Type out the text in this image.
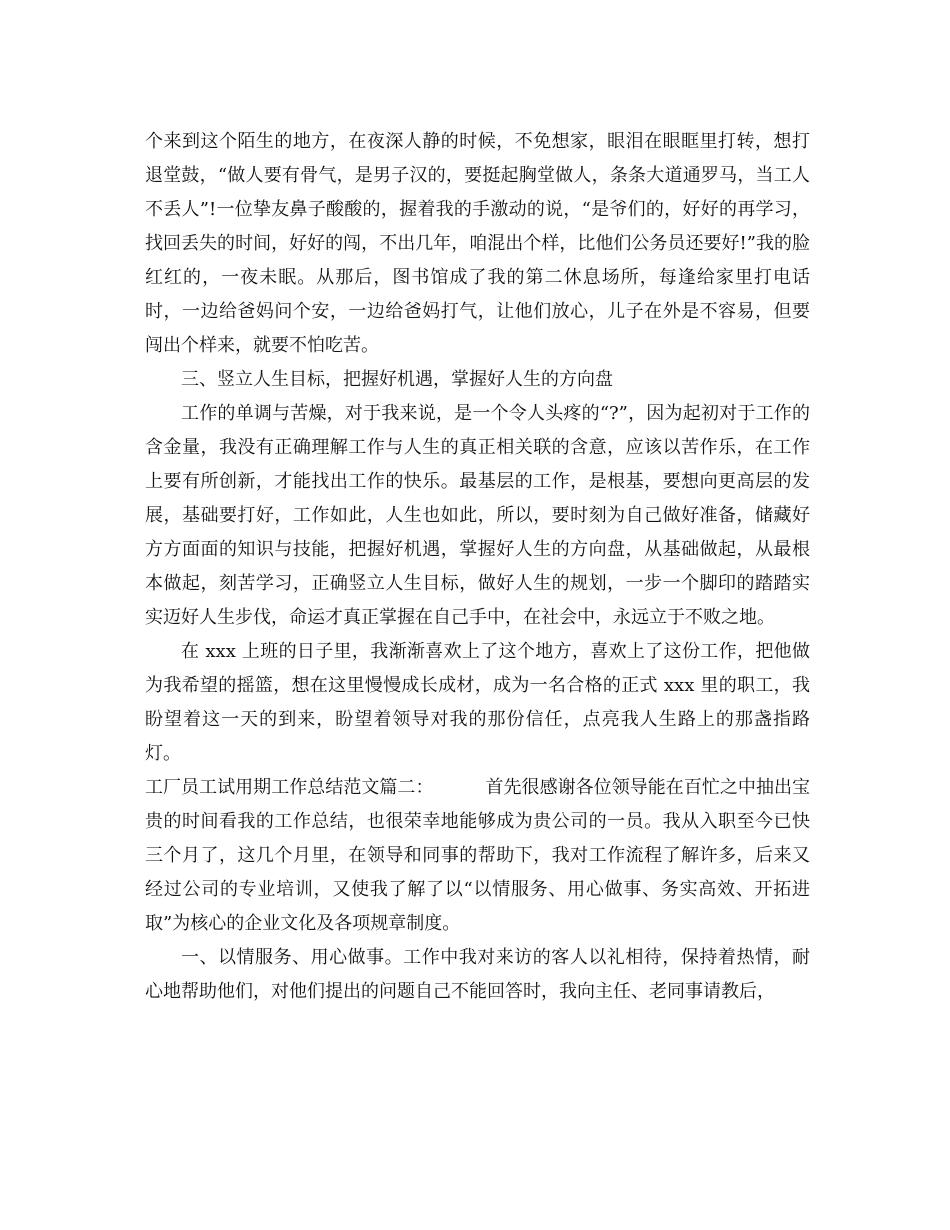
个来到这个陌生的地方，在夜深人静的时候，不免想家，眼泪在眼眶里打转，想打退堂鼓，“做人要有骨气，是男子汉的，要挺起胸堂做人，条条大道通罗马，当工人不丢人”!一位挚友鼻子酸酸的，握着我的手激动的说，“是爷们的，好好的再学习，找回丢失的时间，好好的闯，不出几年，咱混出个样，比他们公务员还要好!”我的脸红红的，一夜未眠。从那后，图书馆成了我的第二休息场所，每逢给家里打电话时，一边给爸妈问个安，一边给爸妈打气，让他们放心，儿子在外是不容易，但要闯出个样来，就要不怕吃苦。

三、竖立人生目标，把握好机遇，掌握好人生的方向盘

工作的单调与苦燥，对于我来说，是一个令人头疼的“?”，因为起初对于工作的含金量，我没有正确理解工作与人生的真正相关联的含意，应该以苦作乐，在工作上要有所创新，才能找出工作的快乐。最基层的工作，是根基，要想向更高层的发展，基础要打好，工作如此，人生也如此，所以，要时刻为自己做好准备，储藏好方方面面的知识与技能，把握好机遇，掌握好人生的方向盘，从基础做起，从最根本做起，刻苦学习，正确竖立人生目标，做好人生的规划，一步一个脚印的踏踏实实迈好人生步伐，命运才真正掌握在自己手中，在社会中，永远立于不败之地。

在 xxx 上班的日子里，我渐渐喜欢上了这个地方，喜欢上了这份工作，把他做为我希望的摇篮，想在这里慢慢成长成材，成为一名合格的正式 xxx 里的职工，我盼望着这一天的到来，盼望着领导对我的那份信任，点亮我人生路上的那盏指路灯。

工厂员工试用期工作总结范文篇二：	首先很感谢各位领导能在百忙之中抽出宝贵的时间看我的工作总结，也很荣幸地能够成为贵公司的一员。我从入职至今已快三个月了，这几个月里，在领导和同事的帮助下，我对工作流程了解许多，后来又经过公司的专业培训，又使我了解了以“以情服务、用心做事、务实高效、开拓进取”为核心的企业文化及各项规章制度。

一、以情服务、用心做事。工作中我对来访的客人以礼相待，保持着热情，耐心地帮助他们，对他们提出的问题自己不能回答时，我向主任、老同事请教后，
